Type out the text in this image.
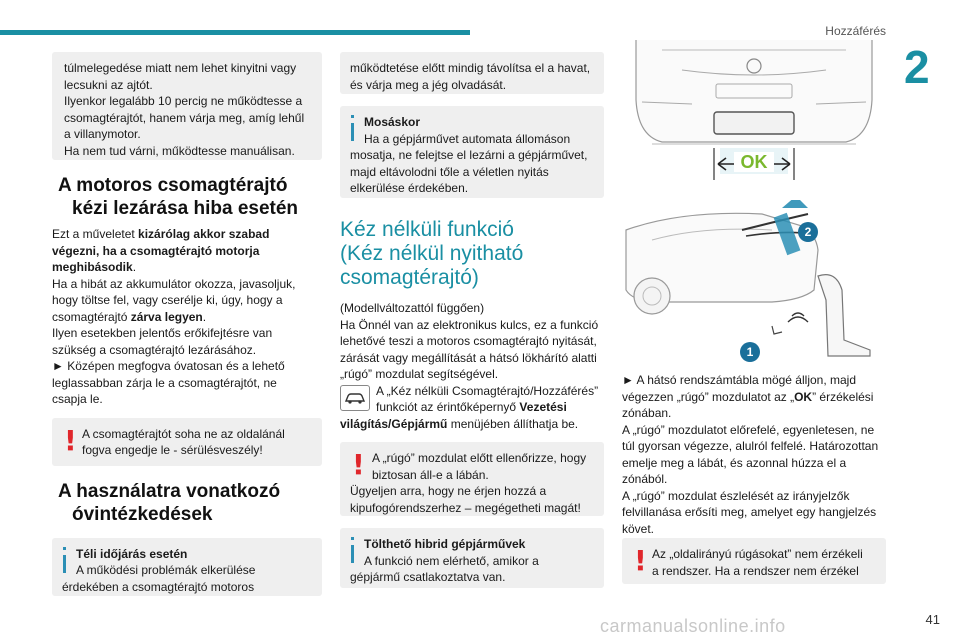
Hozzáférés
2
túlmelegedése miatt nem lehet kinyitni vagy
lecsukni az ajtót.
Ilyenkor legalább 10 percig ne működtesse a
csomagtérajtót, hanem várja meg, amíg lehűl
a villanymotor.
Ha nem tud várni, működtesse manuálisan.
A motoros csomagtérajtó
kézi lezárása hiba esetén
Ezt a műveletet kizárólag akkor szabad
végezni, ha a csomagtérajtó motorja
meghibásodik.
Ha a hibát az akkumulátor okozza, javasoljuk,
hogy töltse fel, vagy cserélje ki, úgy, hogy a
csomagtérajtó zárva legyen.
Ilyen esetekben jelentős erőkifejtésre van
szükség a csomagtérajtó lezárásához.
► Középen megfogva óvatosan és a lehető
leglassabban zárja le a csomagtérajtót, ne
csapja le.
! A csomagtérajtót soha ne az oldalánál
fogva engedje le - sérülésveszély!
A használatra vonatkozó
óvintézkedések
Téli időjárás esetén
A működési problémák elkerülése
érdekében a csomagtérajtó motoros
működtetése előtt mindig távolítsa el a havat,
és várja meg a jég olvadását.
Mosáskor
Ha a gépjárművet automata állomáson
mosatja, ne felejtse el lezárni a gépjárművet,
majd eltávolodni tőle a véletlen nyitás
elkerülése érdekében.
Kéz nélküli funkció
(Kéz nélkül nyitható
csomagtérajtó)
(Modellváltozattól függően)
Ha Önnél van az elektronikus kulcs, ez a funkció
lehetővé teszi a motoros csomagtérajtó nyitását,
zárását vagy megállítását a hátsó lökhárító alatti
„rúgó” mozdulat segítségével.
A „Kéz nélküli Csomagtérajtó/Hozzáférés”
funkciót az érintőképernyő Vezetési
világítás/Gépjármű menüjében állíthatja be.
! A „rúgó” mozdulat előtt ellenőrizze, hogy
biztosan áll-e a lábán.
Ügyeljen arra, hogy ne érjen hozzá a
kipufogórendszerhez – megégetheti magát!
Tölthető hibrid gépjárművek
A funkció nem elérhető, amikor a
gépjármű csatlakoztatva van.
OK
2
1
► A hátsó rendszámtábla mögé álljon, majd
végezzen „rúgó” mozdulatot az „OK” érzékelési
zónában.
A „rúgó” mozdulatot előrefelé, egyenletesen, ne
túl gyorsan végezze, alulról felfelé. Határozottan
emelje meg a lábát, és azonnal húzza el a
zónából.
A „rúgó” mozdulat észlelését az irányjelzők
felvillanása erősíti meg, amelyet egy hangjelzés
követ.
! Az „oldalirányú rúgásokat” nem érzékeli
a rendszer. Ha a rendszer nem érzékel
carmanualsonline.info	41
